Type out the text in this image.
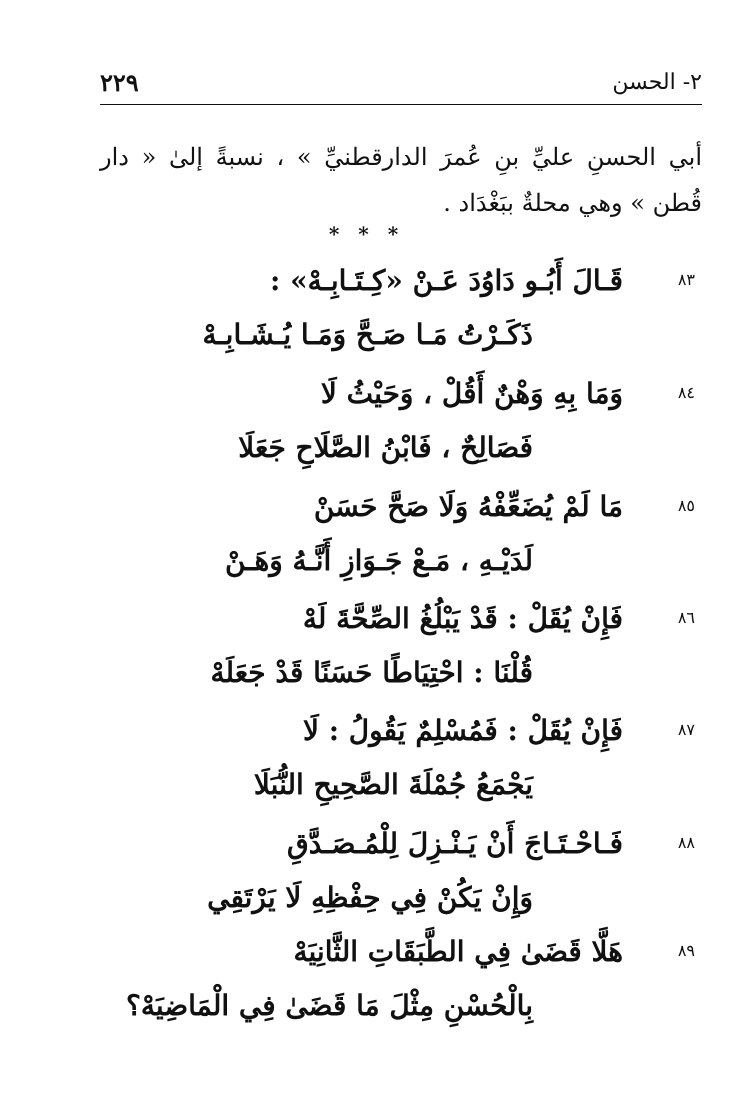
٢- الحسن
٢٢٩
أبي الحسنِ عليِّ بنِ عُمرَ الدارقطنيِّ » ، نسبةً إلىٰ « دار قُطن » وهي محلةٌ ببَغْدَاد .
* * *
٨٣
قَـالَ أَبُـو دَاوُدَ عَـنْ «كِـتَـابِـهْ» :
ذَكَـرْتُ مَـا صَـحَّ وَمَـا يُـشَـابِـهْ
٨٤
وَمَا بِهِ وَهْنٌ أَقُلْ ، وَحَيْثُ لَا
فَصَالِحٌ ، فَابْنُ الصَّلَاحِ جَعَلَا
٨٥
مَا لَمْ يُضَعِّفْهُ وَلَا صَحَّ حَسَنْ
لَدَيْـهِ ، مَـعْ جَـوَازِ أَنَّـهُ وَهَـنْ
٨٦
فَإِنْ يُقَلْ : قَدْ يَبْلُغُ الصِّحَّةَ لَهْ
قُلْنَا : احْتِيَاطًا حَسَنًا قَدْ جَعَلَهْ
٨٧
فَإِنْ يُقَلْ : فَمُسْلِمٌ يَقُولُ : لَا
يَجْمَعُ جُمْلَةَ الصَّحِيحِ النُّبَلَا
٨٨
فَـاحْـتَـاجَ أَنْ يَـنْـزِلَ لِلْمُـصَـدَّقِ
وَإِنْ يَكُنْ فِي حِفْظِهِ لَا يَرْتَقِي
٨٩
هَلَّا قَضَىٰ فِي الطَّبَقَاتِ الثَّانِيَهْ
بِالْحُسْنِ مِثْلَ مَا قَضَىٰ فِي الْمَاضِيَهْ؟
